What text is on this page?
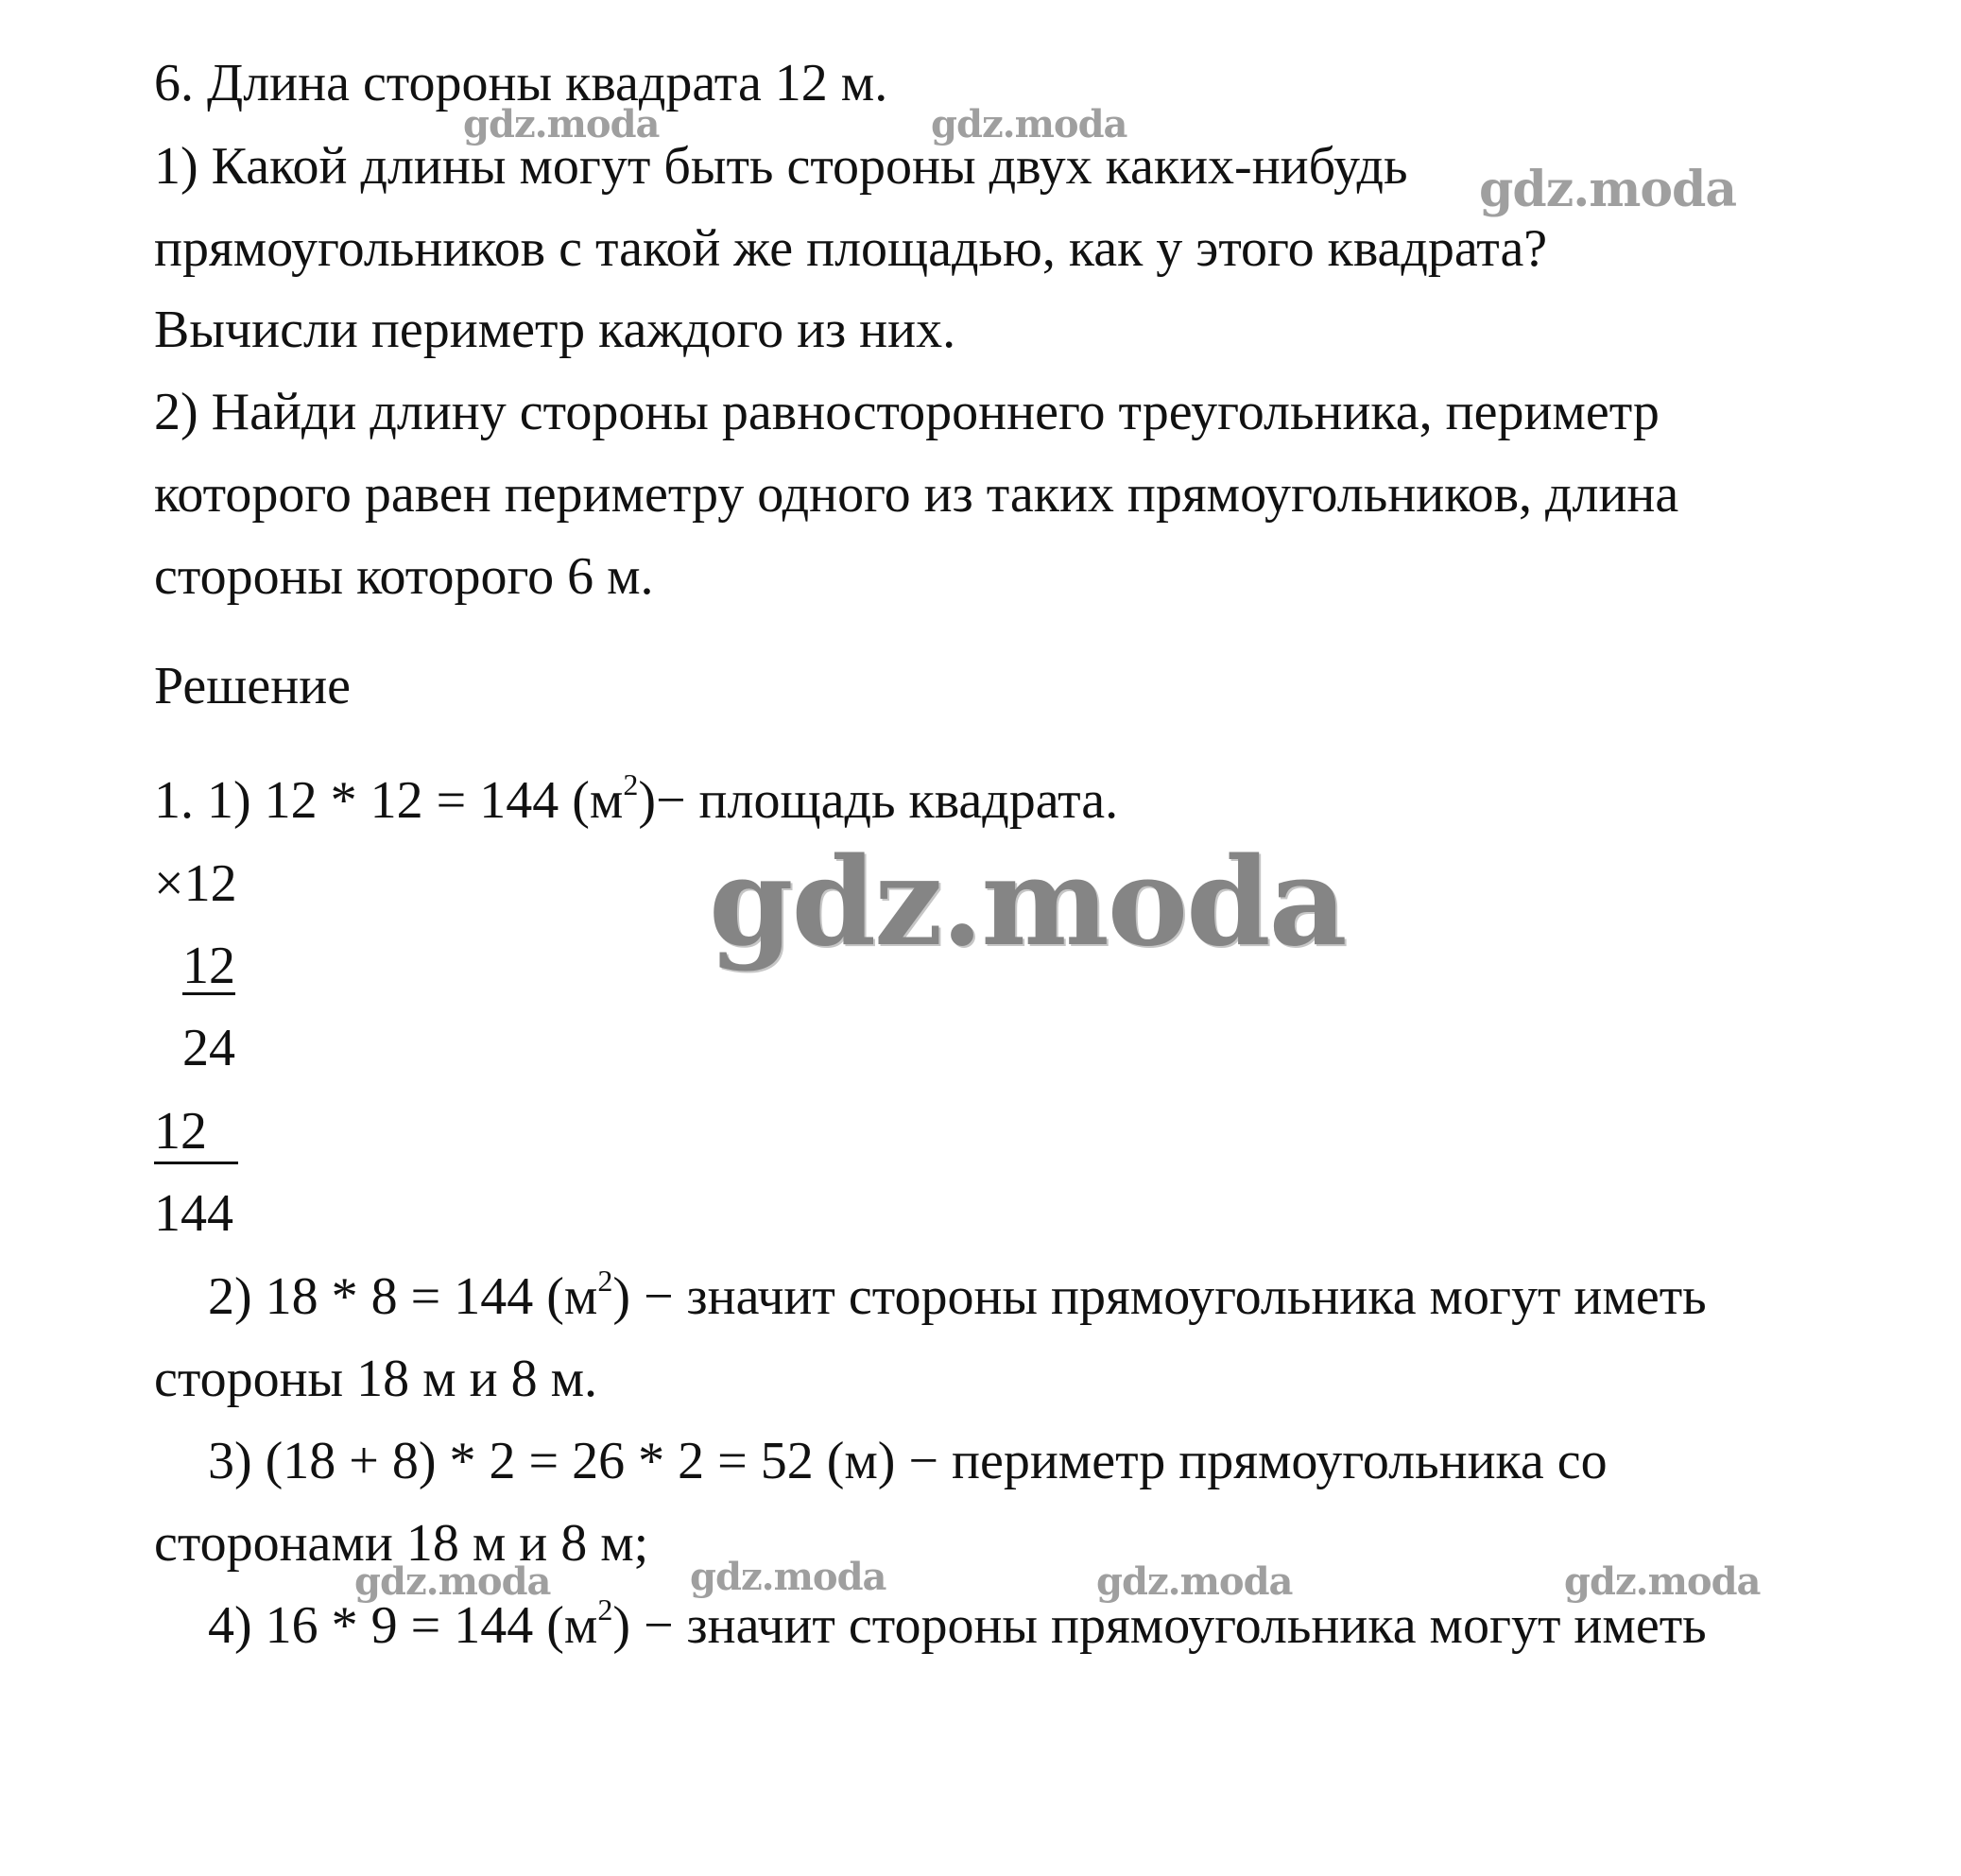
6. Длина стороны квадрата 12 м.
1) Какой длины могут быть стороны двух каких-нибудь
прямоугольников с такой же площадью, как у этого квадрата?
Вычисли периметр каждого из них.
2) Найди длину стороны равностороннего треугольника, периметр
которого равен периметру одного из таких прямоугольников, длина
стороны которого 6 м.
Решение
1. 1) 12 * 12 = 144 $(м^2)-$ площадь квадрата.
×12
12
24
12
144
2) 18 * 8 = 144 $(м^2)$ − значит стороны прямоугольника могут иметь
стороны 18 м и 8 м.
3) (18 + 8) * 2 = 26 * 2 = 52 (м) − периметр прямоугольника со
сторонами 18 м и 8 м;
4) 16 * 9 = 144 $(м^2)$ − значит стороны прямоугольника могут иметь
gdz.moda	gdz.moda
gdz.moda
gdz.moda
gdz.moda	gdz.moda	gdz.moda	gdz.moda
